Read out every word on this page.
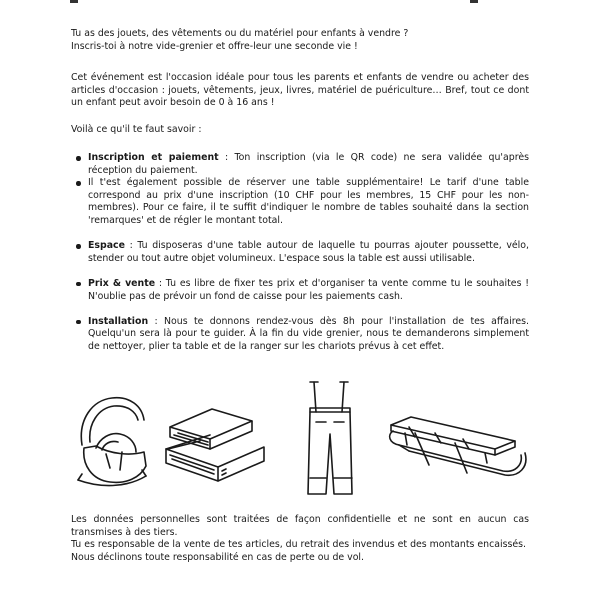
Tu as des jouets, des vêtements ou du matériel pour enfants à vendre ?

Inscris-toi à notre vide-grenier et offre-leur une seconde vie !

Cet événement est l'occasion idéale pour tous les parents et enfants de vendre ou acheter des articles d'occasion : jouets, vêtements, jeux, livres, matériel de puériculture… Bref, tout ce dont un enfant peut avoir besoin de 0 à 16 ans !

Voilà ce qu'il te faut savoir :

Inscription et paiement : Ton inscription (via le QR code) ne sera validée qu'après réception du paiement.
Il t'est également possible de réserver une table supplémentaire! Le tarif d'une table correspond au prix d'une inscription (10 CHF pour les membres, 15 CHF pour les non-membres). Pour ce faire, il te suffit d'indiquer le nombre de tables souhaité dans la section 'remarques' et de régler le montant total.
Espace : Tu disposeras d'une table autour de laquelle tu pourras ajouter poussette, vélo, stender ou tout autre objet volumineux. L'espace sous la table est aussi utilisable.
Prix & vente : Tu es libre de fixer tes prix et d'organiser ta vente comme tu le souhaites ! N'oublie pas de prévoir un fond de caisse pour les paiements cash.
Installation : Nous te donnons rendez-vous dès 8h pour l'installation de tes affaires. Quelqu'un sera là pour te guider. À la fin du vide grenier, nous te demanderons simplement de nettoyer, plier ta table et de la ranger sur les chariots prévus à cet effet.

Les données personnelles sont traitées de façon confidentielle et ne sont en aucun cas transmises à des tiers.

Tu es responsable de la vente de tes articles, du retrait des invendus et des montants encaissés.

Nous déclinons toute responsabilité en cas de perte ou de vol.
